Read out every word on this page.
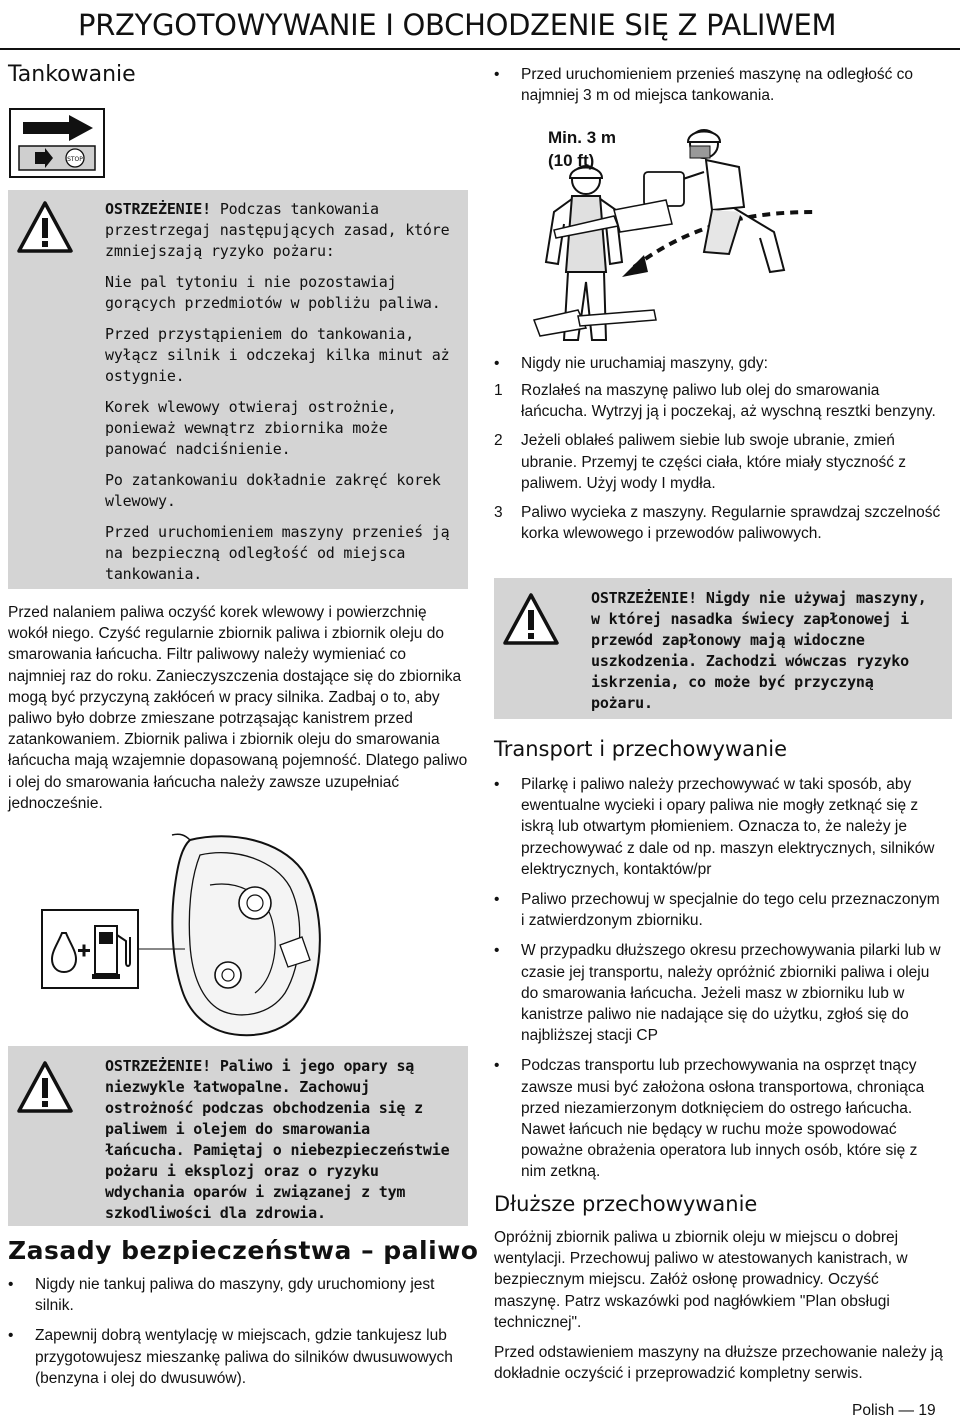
PRZYGOTOWYWANIE I OBCHODZENIE SIĘ Z PALIWEM
Tankowanie
STOP

OSTRZEŻENIE! Podczas tankowania przestrzegaj następujących zasad, które zmniejszają ryzyko pożaru:

Nie pal tytoniu i nie pozostawiaj gorących przedmiotów w pobliżu paliwa.

Przed przystąpieniem do tankowania, wyłącz silnik i odczekaj kilka minut aż ostygnie.

Korek wlewowy otwieraj ostrożnie, ponieważ wewnątrz zbiornika może panować nadciśnienie.

Po zatankowaniu dokładnie zakręć korek wlewowy.

Przed uruchomieniem maszyny przenieś ją na bezpieczną odległość od miejsca tankowania.

Przed nalaniem paliwa oczyść korek wlewowy i powierzchnię wokół niego. Czyść regularnie zbiornik paliwa i zbiornik oleju do smarowania łańcucha. Filtr paliwowy należy wymieniać co najmniej raz do roku. Zanieczyszczenia dostające się do zbiornika mogą być przyczyną zakłóceń w pracy silnika. Zadbaj o to, aby paliwo było dobrze zmieszane potrząsając kanistrem przed zatankowaniem. Zbiornik paliwa i zbiornik oleju do smarowania łańcucha mają wzajemnie dopasowaną pojemność. Dlatego paliwo i olej do smarowania łańcucha należy zawsze uzupełniać jednocześnie.
OSTRZEŻENIE! Paliwo i jego opary są niezwykle łatwopalne. Zachowuj ostrożność podczas obchodzenia się z paliwem i olejem do smarowania łańcucha. Pamiętaj o niebezpieczeństwie pożaru i eksplozj oraz o ryzyku wdychania oparów i związanej z tym szkodliwości dla zdrowia.
Zasady bezpieczeństwa – paliwo
• Nigdy nie tankuj paliwa do maszyny, gdy uruchomiony jest silnik.
• Zapewnij dobrą wentylację w miejscach, gdzie tankujesz lub przygotowujesz mieszankę paliwa do silników dwusuwowych (benzyna i olej do dwusuwów).
• Przed uruchomieniem przenieś maszynę na odległość co najmniej 3 m od miejsca tankowania.
Min. 3 m
(10 ft)
• Nigdy nie uruchamiaj maszyny, gdy:
1 Rozlałeś na maszynę paliwo lub olej do smarowania łańcucha. Wytrzyj ją i poczekaj, aż wyschną resztki benzyny.
2 Jeżeli oblałeś paliwem siebie lub swoje ubranie, zmień ubranie. Przemyj te części ciała, które miały styczność z paliwem. Użyj wody I mydła.
3 Paliwo wycieka z maszyny. Regularnie sprawdzaj szczelność korka wlewowego i przewodów paliwowych.
OSTRZEŻENIE! Nigdy nie używaj maszyny, w której nasadka świecy zapłonowej i przewód zapłonowy mają widoczne uszkodzenia. Zachodzi wówczas ryzyko iskrzenia, co może być przyczyną pożaru.
Transport i przechowywanie
• Pilarkę i paliwo należy przechowywać w taki sposób, aby ewentualne wycieki i opary paliwa nie mogły zetknąć się z iskrą lub otwartym płomieniem. Oznacza to, że należy je przechowywać z dale od np. maszyn elektrycznych, silników elektrycznych, kontaktów/pr
• Paliwo przechowuj w specjalnie do tego celu przeznaczonym i zatwierdzonym zbiorniku.
• W przypadku dłuższego okresu przechowywania pilarki lub w czasie jej transportu, należy opróżnić zbiorniki paliwa i oleju do smarowania łańcucha. Jeżeli masz w zbiorniku lub w kanistrze paliwo nie nadające się do użytku, zgłoś się do najbliższej stacji CP
• Podczas transportu lub przechowywania na osprzęt tnący zawsze musi być założona osłona transportowa, chroniąca przed niezamierzonym dotknięciem do ostrego łańcucha. Nawet łańcuch nie będący w ruchu może spowodować poważne obrażenia operatora lub innych osób, które się z nim zetkną.
Dłuższe przechowywanie

Opróżnij zbiornik paliwa u zbiornik oleju w miejscu o dobrej wentylacji. Przechowuj paliwo w atestowanych kanistrach, w bezpiecznym miejscu. Załóż osłonę prowadnicy. Oczyść maszynę. Patrz wskazówki pod nagłówkiem "Plan obsługi technicznej".

Przed odstawieniem maszyny na dłuższe przechowanie należy ją dokładnie oczyścić i przeprowadzić kompletny serwis.

Polish — 19
